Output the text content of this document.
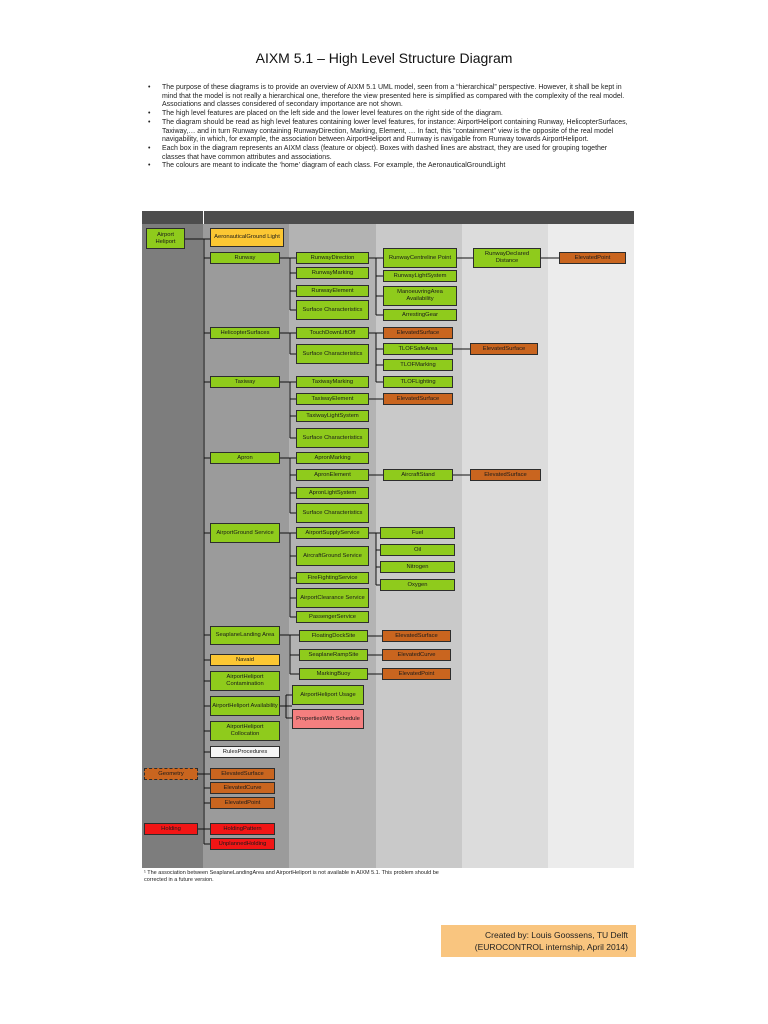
AIXM 5.1 – High Level Structure Diagram
• The purpose of these diagrams is to provide an overview of AIXM 5.1 UML model, seen from a “hierarchical” perspective. However, it shall be kept in mind that the model is not really a hierarchical one, therefore the view presented here is simplified as compared with the complexity of the real model. Associations and classes considered of secondary importance are not shown.
• The high level features are placed on the left side and the lower level features on the right side of the diagram.
• The diagram should be read as high level features containing lower level features, for instance: AirportHeliport containing Runway, HelicopterSurfaces, Taxiway,… and in turn Runway containing RunwayDirection, Marking, Element, … In fact, this “containment” view is the opposite of the real model navigability, in which, for example, the association between AirportHeliport and Runway is navigable from Runway towards AirportHeliport.
• Each box in the diagram represents an AIXM class (feature or object). Boxes with dashed lines are abstract, they are used for grouping together classes that have common attributes and associations.
• The colours are meant to indicate the ‘home’ diagram of each class. For example, the AeronauticalGroundLight
Airport Heliport
Geometry
Holding
AeronauticalGround Light
Runway
HelicopterSurfaces
Taxiway
Apron
AirportGround Service
SeaplaneLanding Area
Navaid
AirportHeliport Contamination
AirportHeliport Availability
AirportHeliport Collocation
RulesProcedures
ElevatedSurface
ElevatedCurve
ElevatedPoint
HoldingPattern
UnplannedHolding
RunwayDirection
RunwayMarking
RunwayElement
Surface Characteristics
TouchDownLiftOff
Surface Characteristics
TaxiwayMarking
TaxiwayElement
TaxiwayLightSystem
Surface Characteristics
ApronMarking
ApronElement
ApronLightSystem
Surface Characteristics
AirportSupplyService
AircraftGround Service
FireFightingService
AirportClearance Service
PassengerService
FloatingDockSite
SeaplaneRampSite
MarkingBuoy
AirportHeliport Usage
PropertiesWith Schedule
RunwayCentreline Point
RunwayLightSystem
ManoeuvringArea Availability
ArrestingGear
ElevatedSurface
TLOFSafeArea
TLOFMarking
TLOFLighting
ElevatedSurface
AircraftStand
Fuel
Oil
Nitrogen
Oxygen
ElevatedSurface
ElevatedCurve
ElevatedPoint
RunwayDeclared Distance
ElevatedPoint
ElevatedSurface
ElevatedSurface
¹ The association between SeaplaneLandingArea and AirportHeliport is not available in AIXM 5.1. This problem should be corrected in a future version.
Created by: Louis Goossens, TU Delft
(EUROCONTROL internship, April 2014)
